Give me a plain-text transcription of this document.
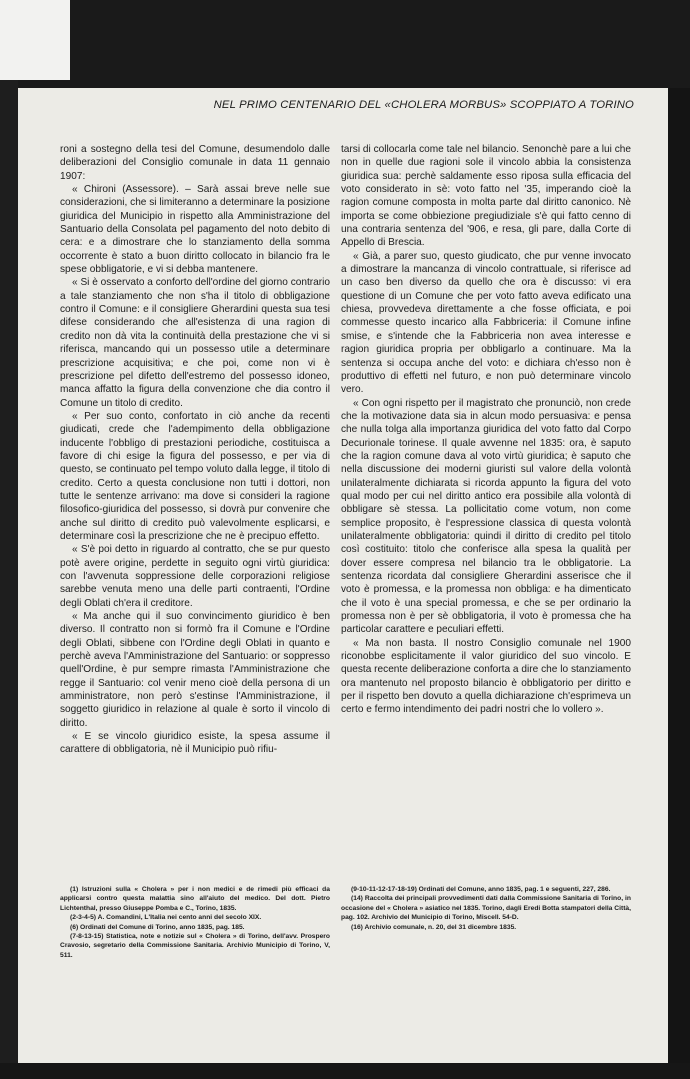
NEL PRIMO CENTENARIO DEL «CHOLERA MORBUS» SCOPPIATO A TORINO

roni a sostegno della tesi del Comune, desumendolo dalle deliberazioni del Consiglio comunale in data 11 gennaio 1907:

« Chironi (Assessore). – Sarà assai breve nelle sue considerazioni, che si limiteranno a determinare la posizione giuridica del Municipio in rispetto alla Amministrazione del Santuario della Consolata pel pagamento del noto debito di cera: e a dimostrare che lo stanziamento della somma occorrente è stato a buon diritto collocato in bilancio fra le spese obbligatorie, e vi si debba mantenere.

« Si è osservato a conforto dell'ordine del giorno contrario a tale stanziamento che non s'ha il titolo di obbligazione contro il Comune: e il consigliere Gherardini questa sua tesi difese considerando che all'esistenza di una ragion di credito non dà vita la continuità della prestazione che vi si riferisca, mancando qui un possesso utile a determinare prescrizione acquisitiva; e che poi, come non vi è prescrizione pel difetto dell'estremo del possesso idoneo, manca affatto la figura della convenzione che dia contro il Comune un titolo di credito.

« Per suo conto, confortato in ciò anche da recenti giudicati, crede che l'adempimento della obbligazione inducente l'obbligo di prestazioni periodiche, costituisca a favore di chi esige la figura del possesso, e per via di questo, se continuato pel tempo voluto dalla legge, il titolo di credito. Certo a questa conclusione non tutti i dottori, non tutte le sentenze arrivano: ma dove si consideri la ragione filosofico-giuridica del possesso, si dovrà pur convenire che anche sul diritto di credito può valevolmente esplicarsi, e determinare così la prescrizione che ne è precipuo effetto.

« S'è poi detto in riguardo al contratto, che se pur questo potè avere origine, perdette in seguito ogni virtù giuridica: con l'avvenuta soppressione delle corporazioni religiose sarebbe venuta meno una delle parti contraenti, l'Ordine degli Oblati ch'era il creditore.

« Ma anche qui il suo convincimento giuridico è ben diverso. Il contratto non si formò fra il Comune e l'Ordine degli Oblati, sibbene con l'Ordine degli Oblati in quanto e perchè aveva l'Amministrazione del Santuario: or soppresso quell'Ordine, è pur sempre rimasta l'Amministrazione che regge il Santuario: col venir meno cioè della persona di un amministratore, non però s'estinse l'Amministrazione, il soggetto giuridico in relazione al quale è sorto il vincolo di diritto.

« E se vincolo giuridico esiste, la spesa assume il carattere di obbligatoria, nè il Municipio può rifiu-

tarsi di collocarla come tale nel bilancio. Senonchè pare a lui che non in quelle due ragioni sole il vincolo abbia la consistenza giuridica sua: perchè saldamente esso riposa sulla efficacia del voto considerato in sè: voto fatto nel '35, imperando cioè la ragion comune composta in molta parte dal diritto canonico. Nè importa se come obbiezione pregiudiziale s'è qui fatto cenno di una contraria sentenza del '906, e resa, gli pare, dalla Corte di Appello di Brescia.

« Già, a parer suo, questo giudicato, che pur venne invocato a dimostrare la mancanza di vincolo contrattuale, si riferisce ad un caso ben diverso da quello che ora è discusso: vi era questione di un Comune che per voto fatto aveva edificato una chiesa, provvedeva direttamente a che fosse officiata, e poi commesse questo incarico alla Fabbriceria: il Comune infine smise, e s'intende che la Fabbriceria non avea interesse e ragion giuridica propria per obbligarlo a continuare. Ma la sentenza si occupa anche del voto: e dichiara ch'esso non è produttivo di effetti nel futuro, e non può determinare vincolo vero.

« Con ogni rispetto per il magistrato che pronunciò, non crede che la motivazione data sia in alcun modo persuasiva: e pensa che nulla tolga alla importanza giuridica del voto fatto dal Corpo Decurionale torinese. Il quale avvenne nel 1835: ora, è saputo che la ragion comune dava al voto virtù giuridica; è saputo che nella discussione dei moderni giuristi sul valore della volontà unilateralmente dichiarata si ricorda appunto la figura del voto qual modo per cui nel diritto antico era possibile alla volontà di obbligare sè stessa. La pollicitatio come votum, non come semplice proposito, è l'espressione classica di questa volontà unilateralmente obbligatoria: quindi il diritto di credito pel titolo così costituito: titolo che conferisce alla spesa la qualità per dover essere compresa nel bilancio tra le obbligatorie. La sentenza ricordata dal consigliere Gherardini asserisce che il voto è promessa, e la promessa non obbliga: e ha dimenticato che il voto è una special promessa, e che se per ordinario la promessa non è per sè obbligatoria, il voto è promessa che ha particolar carattere e peculiari effetti.

« Ma non basta. Il nostro Consiglio comunale nel 1900 riconobbe esplicitamente il valor giuridico del suo vincolo. E questa recente deliberazione conforta a dire che lo stanziamento ora mantenuto nel proposto bilancio è obbligatorio per diritto e per il rispetto ben dovuto a quella dichiarazione ch'esprimeva un certo e fermo intendimento dei padri nostri che lo vollero ».

(1) Istruzioni sulla « Cholera » per i non medici e de rimedi più efficaci da applicarsi contro questa malattia sino all'aiuto del medico. Del dott. Pietro Lichtenthal, presso Giuseppe Pomba e C., Torino, 1835.

(2-3-4-5) A. Comandini, L'Italia nei cento anni del secolo XIX.

(6) Ordinati del Comune di Torino, anno 1835, pag. 185.

(7-8-13-15) Statistica, note e notizie sul « Cholera » di Torino, dell'avv. Prospero Cravosio, segretario della Commissione Sanitaria. Archivio Municipio di Torino, V, 511.

(9-10-11-12-17-18-19) Ordinati del Comune, anno 1835, pag. 1 e seguenti, 227, 286.

(14) Raccolta dei principali provvedimenti dati dalla Commissione Sanitaria di Torino, in occasione del « Cholera » asiatico nel 1835. Torino, dagli Eredi Botta stampatori della Città, pag. 102. Archivio del Municipio di Torino, Miscell. 54-D.

(16) Archivio comunale, n. 20, del 31 dicembre 1835.
